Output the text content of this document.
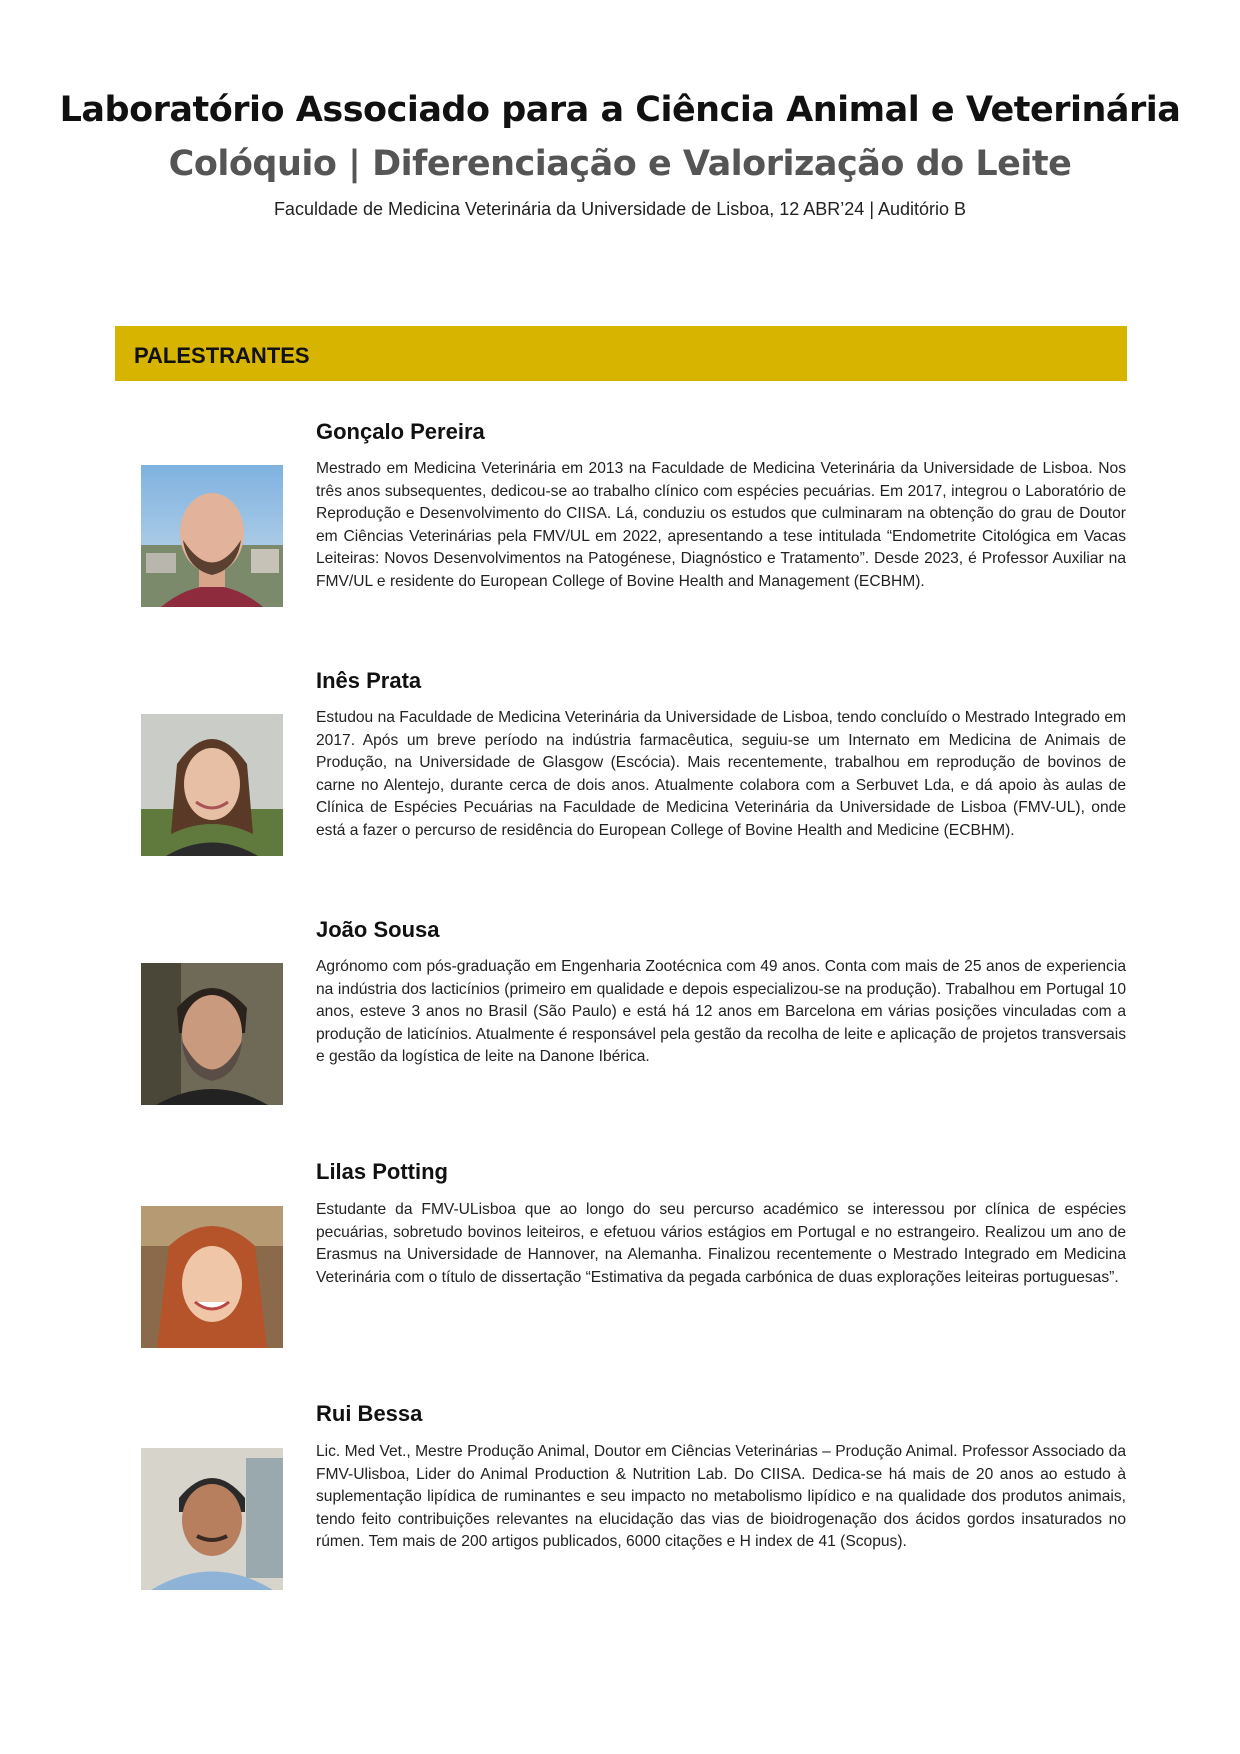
Laboratório Associado para a Ciência Animal e Veterinária
Colóquio | Diferenciação e Valorização do Leite
Faculdade de Medicina Veterinária da Universidade de Lisboa, 12 ABR’24 | Auditório B
PALESTRANTES
Gonçalo Pereira

Mestrado em Medicina Veterinária em 2013 na Faculdade de Medicina Veterinária da Universidade de Lisboa. Nos três anos subsequentes, dedicou-se ao trabalho clínico com espécies pecuárias. Em 2017, integrou o Laboratório de Reprodução e Desenvolvimento do CIISA. Lá, conduziu os estudos que culminaram na obtenção do grau de Doutor em Ciências Veterinárias pela FMV/UL em 2022, apresentando a tese intitulada “Endometrite Citológica em Vacas Leiteiras: Novos Desenvolvimentos na Patogénese, Diagnóstico e Tratamento”. Desde 2023, é Professor Auxiliar na FMV/UL e residente do European College of Bovine Health and Management (ECBHM).

Inês Prata

Estudou na Faculdade de Medicina Veterinária da Universidade de Lisboa, tendo concluído o Mestrado Integrado em 2017. Após um breve período na indústria farmacêutica, seguiu-se um Internato em Medicina de Animais de Produção, na Universidade de Glasgow (Escócia). Mais recentemente, trabalhou em reprodução de bovinos de carne no Alentejo, durante cerca de dois anos. Atualmente colabora com a Serbuvet Lda, e dá apoio às aulas de Clínica de Espécies Pecuárias na Faculdade de Medicina Veterinária da Universidade de Lisboa (FMV-UL), onde está a fazer o percurso de residência do European College of Bovine Health and Medicine (ECBHM).

João Sousa

Agrónomo com pós-graduação em Engenharia Zootécnica com 49 anos. Conta com mais de 25 anos de experiencia na indústria dos lacticínios (primeiro em qualidade e depois especializou-se na produção). Trabalhou em Portugal 10 anos, esteve 3 anos no Brasil (São Paulo) e está há 12 anos em Barcelona em várias posições vinculadas com a produção de laticínios. Atualmente é responsável pela gestão da recolha de leite e aplicação de projetos transversais e gestão da logística de leite na Danone Ibérica.

Lilas Potting

Estudante da FMV-ULisboa que ao longo do seu percurso académico se interessou por clínica de espécies pecuárias, sobretudo bovinos leiteiros, e efetuou vários estágios em Portugal e no estrangeiro. Realizou um ano de Erasmus na Universidade de Hannover, na Alemanha. Finalizou recentemente o Mestrado Integrado em Medicina Veterinária com o título de dissertação “Estimativa da pegada carbónica de duas explorações leiteiras portuguesas”.

Rui Bessa

Lic. Med Vet., Mestre Produção Animal, Doutor em Ciências Veterinárias – Produção Animal. Professor Associado da FMV-Ulisboa, Lider do Animal Production & Nutrition Lab. Do CIISA. Dedica-se há mais de 20 anos ao estudo à suplementação lipídica de ruminantes e seu impacto no metabolismo lipídico e na qualidade dos produtos animais, tendo feito contribuições relevantes na elucidação das vias de bioidrogenação dos ácidos gordos insaturados no rúmen. Tem mais de 200 artigos publicados, 6000 citações e H index de 41 (Scopus).
